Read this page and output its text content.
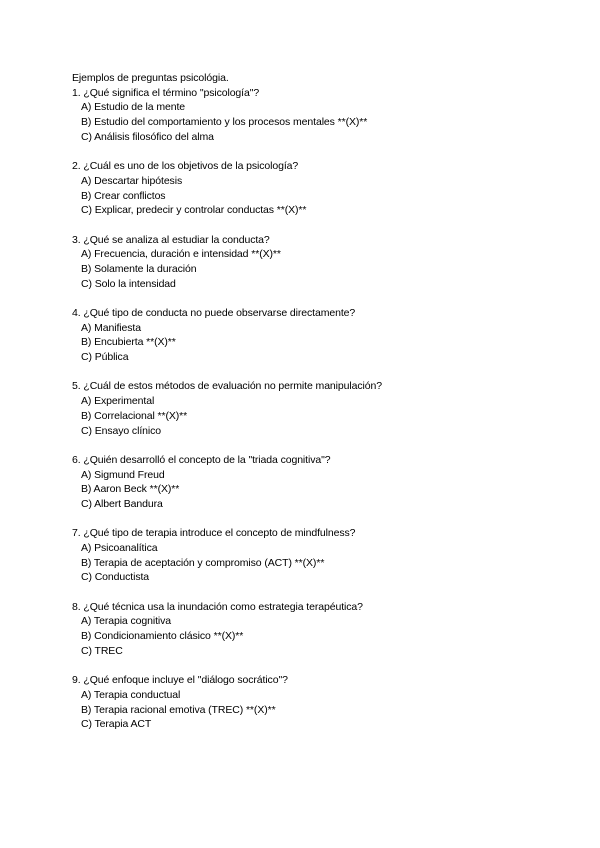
Ejemplos de preguntas psicológia.
1. ¿Qué significa el término "psicología"?
A) Estudio de la mente
B) Estudio del comportamiento y los procesos mentales **(X)**
C) Análisis filosófico del alma
2. ¿Cuál es uno de los objetivos de la psicología?
A) Descartar hipótesis
B) Crear conflictos
C) Explicar, predecir y controlar conductas **(X)**
3. ¿Qué se analiza al estudiar la conducta?
A) Frecuencia, duración e intensidad **(X)**
B) Solamente la duración
C) Solo la intensidad
4. ¿Qué tipo de conducta no puede observarse directamente?
A) Manifiesta
B) Encubierta **(X)**
C) Pública
5. ¿Cuál de estos métodos de evaluación no permite manipulación?
A) Experimental
B) Correlacional **(X)**
C) Ensayo clínico
6. ¿Quién desarrolló el concepto de la "triada cognitiva"?
A) Sigmund Freud
B) Aaron Beck **(X)**
C) Albert Bandura
7. ¿Qué tipo de terapia introduce el concepto de mindfulness?
A) Psicoanalítica
B) Terapia de aceptación y compromiso (ACT) **(X)**
C) Conductista
8. ¿Qué técnica usa la inundación como estrategia terapéutica?
A) Terapia cognitiva
B) Condicionamiento clásico **(X)**
C) TREC
9. ¿Qué enfoque incluye el "diálogo socrático"?
A) Terapia conductual
B) Terapia racional emotiva (TREC) **(X)**
C) Terapia ACT
